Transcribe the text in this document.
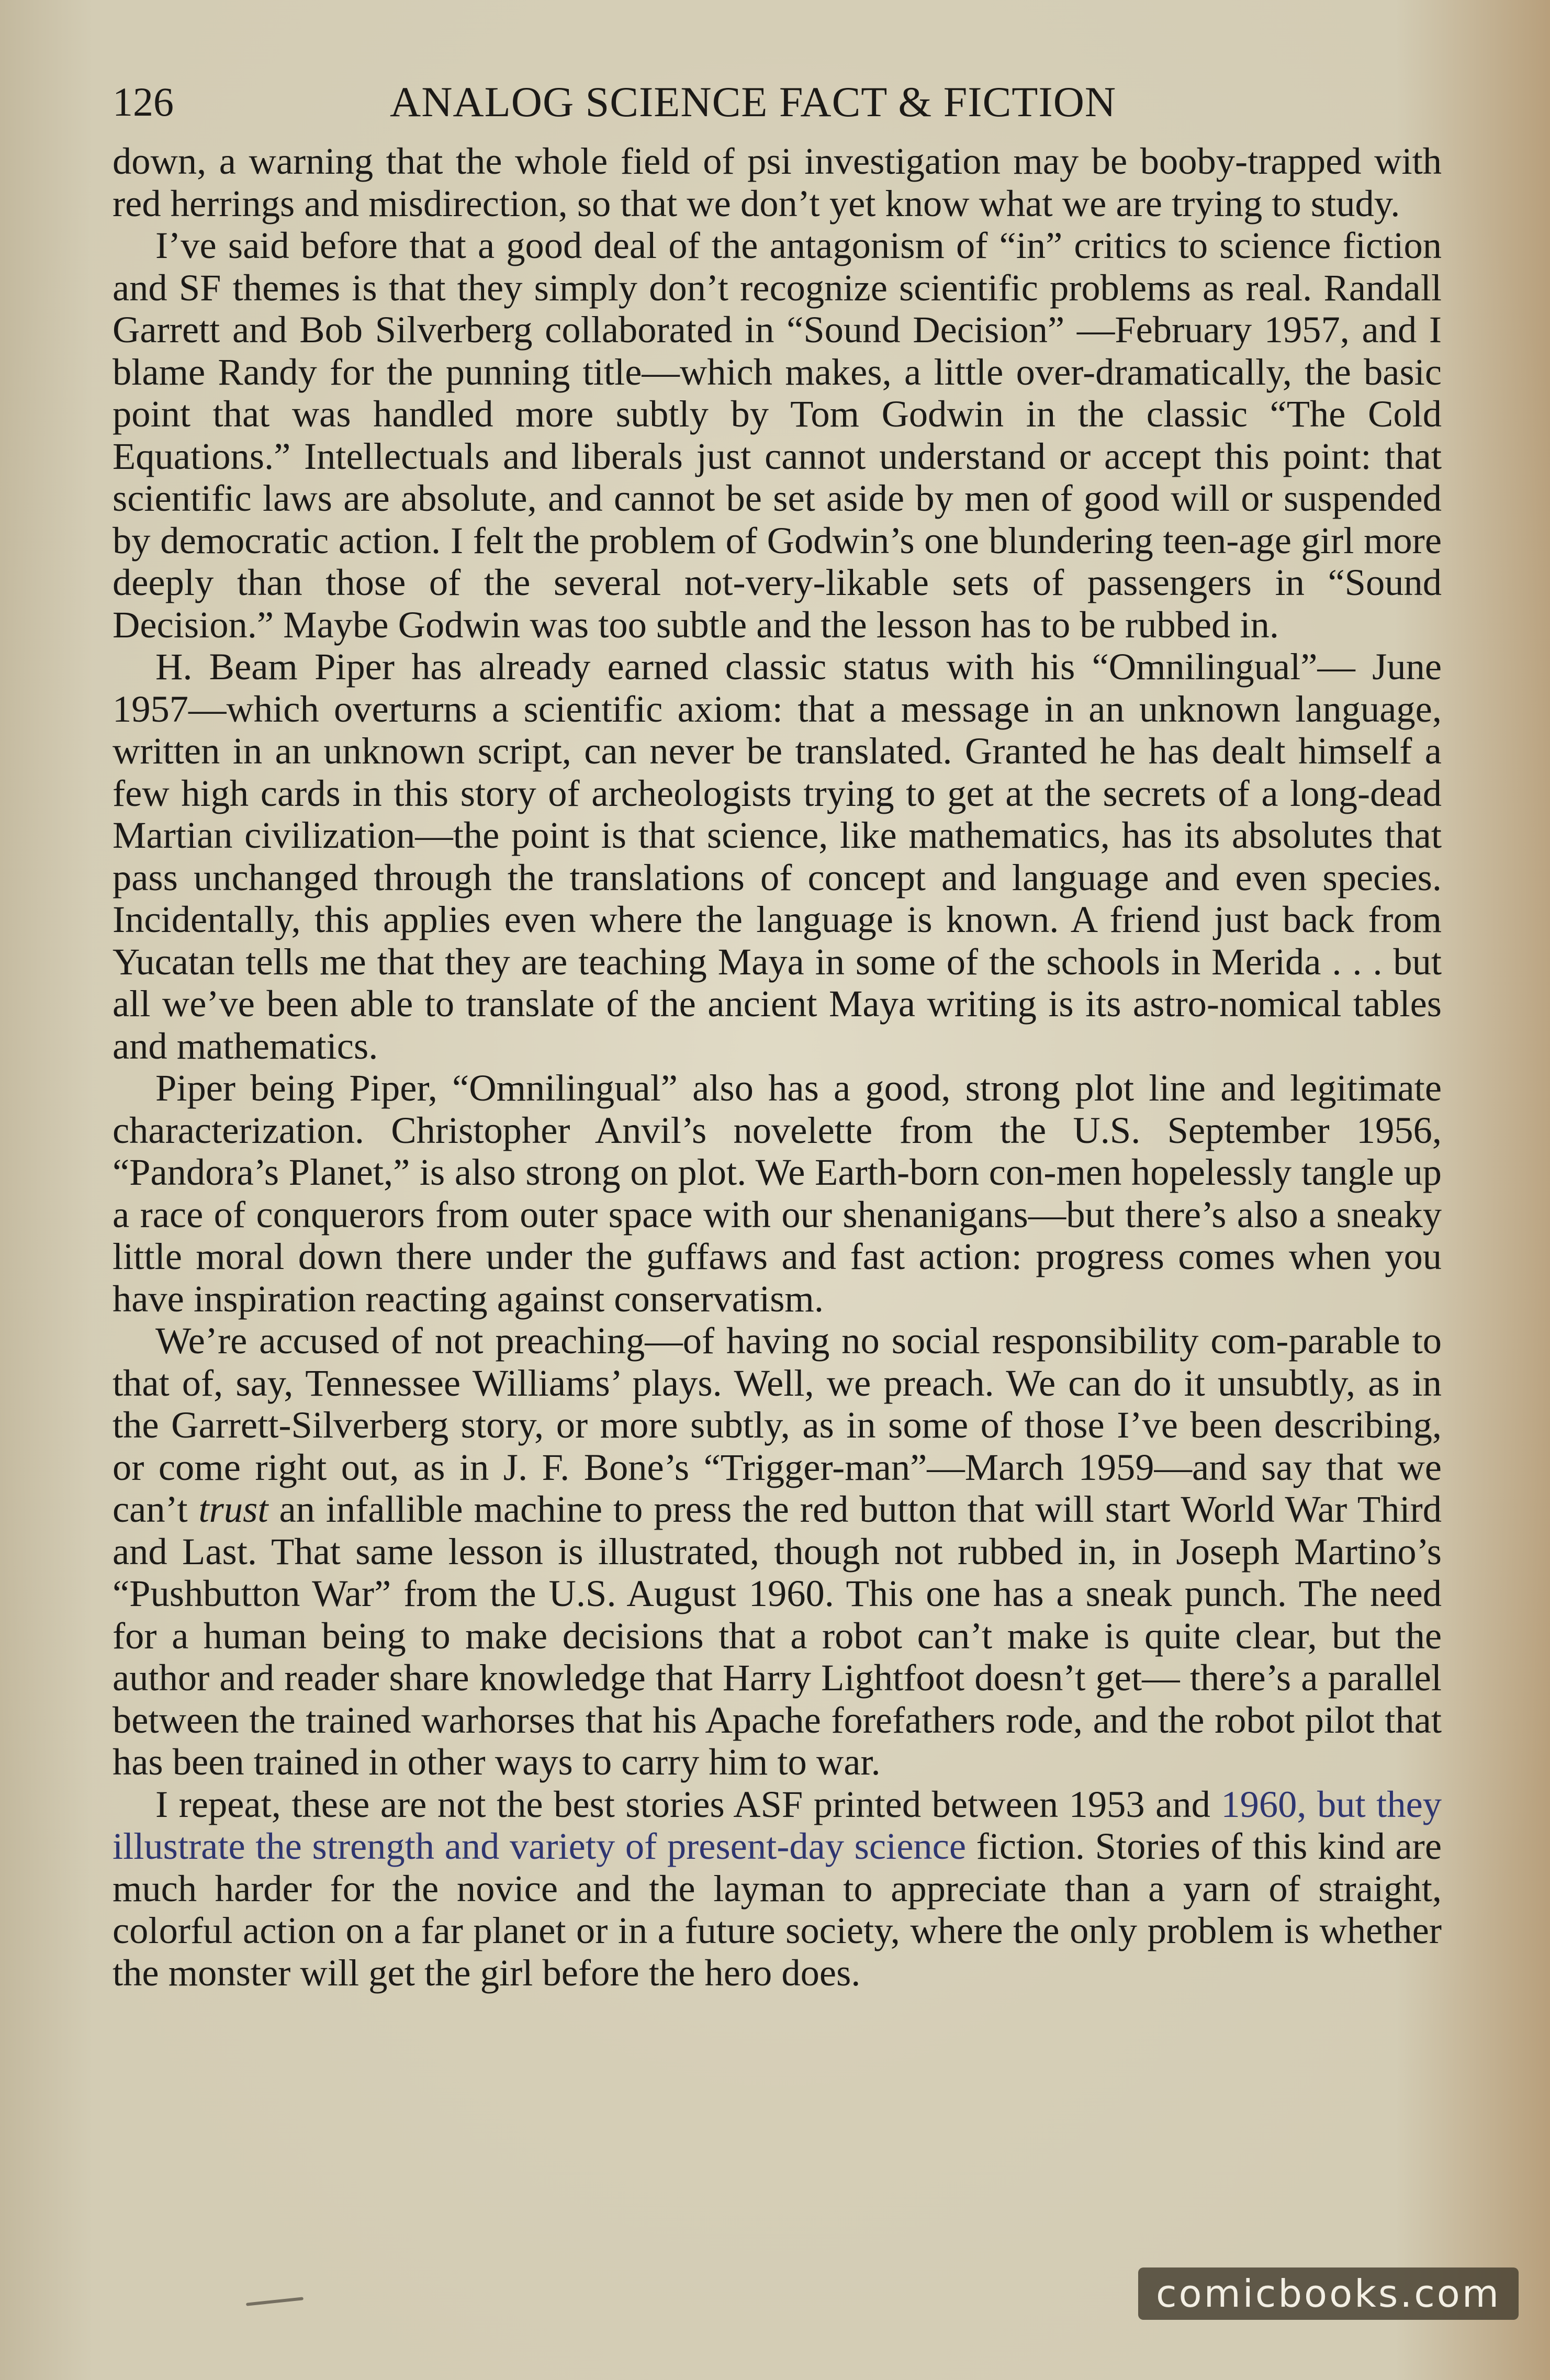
126	ANALOG SCIENCE FACT & FICTION

down, a warning that the whole field of psi investigation may be booby-trapped with red herrings and misdirection, so that we don’t yet know what we are trying to study.

I’ve said before that a good deal of the antagonism of “in” critics to science fiction and SF themes is that they simply don’t recognize scientific problems as real. Randall Garrett and Bob Silverberg collaborated in “Sound Decision” —February 1957, and I blame Randy for the punning title—which makes, a little over-dramatically, the basic point that was handled more subtly by Tom Godwin in the classic “The Cold Equations.” Intellectuals and liberals just cannot understand or accept this point: that scientific laws are absolute, and cannot be set aside by men of good will or suspended by democratic action. I felt the problem of Godwin’s one blundering teen-age girl more deeply than those of the several not-very-likable sets of passengers in “Sound Decision.” Maybe Godwin was too subtle and the lesson has to be rubbed in.

H. Beam Piper has already earned classic status with his “Omnilingual”— June 1957—which overturns a scientific axiom: that a message in an unknown language, written in an unknown script, can never be translated. Granted he has dealt himself a few high cards in this story of archeologists trying to get at the secrets of a long-dead Martian civilization—the point is that science, like mathematics, has its absolutes that pass unchanged through the translations of concept and language and even species. Incidentally, this applies even where the language is known. A friend just back from Yucatan tells me that they are teaching Maya in some of the schools in Merida . . . but all we’ve been able to translate of the ancient Maya writing is its astro-nomical tables and mathematics.

Piper being Piper, “Omnilingual” also has a good, strong plot line and legitimate characterization. Christopher Anvil’s novelette from the U.S. September 1956, “Pandora’s Planet,” is also strong on plot. We Earth-born con-men hopelessly tangle up a race of conquerors from outer space with our shenanigans—but there’s also a sneaky little moral down there under the guffaws and fast action: progress comes when you have inspiration reacting against conservatism.

We’re accused of not preaching—of having no social responsibility com-parable to that of, say, Tennessee Williams’ plays. Well, we preach. We can do it unsubtly, as in the Garrett-Silverberg story, or more subtly, as in some of those I’ve been describing, or come right out, as in J. F. Bone’s “Trigger-man”—March 1959—and say that we can’t trust an infallible machine to press the red button that will start World War Third and Last. That same lesson is illustrated, though not rubbed in, in Joseph Martino’s “Pushbutton War” from the U.S. August 1960. This one has a sneak punch. The need for a human being to make decisions that a robot can’t make is quite clear, but the author and reader share knowledge that Harry Lightfoot doesn’t get— there’s a parallel between the trained warhorses that his Apache forefathers rode, and the robot pilot that has been trained in other ways to carry him to war.

I repeat, these are not the best stories ASF printed between 1953 and 1960, but they illustrate the strength and variety of present-day science fiction. Stories of this kind are much harder for the novice and the layman to appreciate than a yarn of straight, colorful action on a far planet or in a future society, where the only problem is whether the monster will get the girl before the hero does.

comicbooks.com
